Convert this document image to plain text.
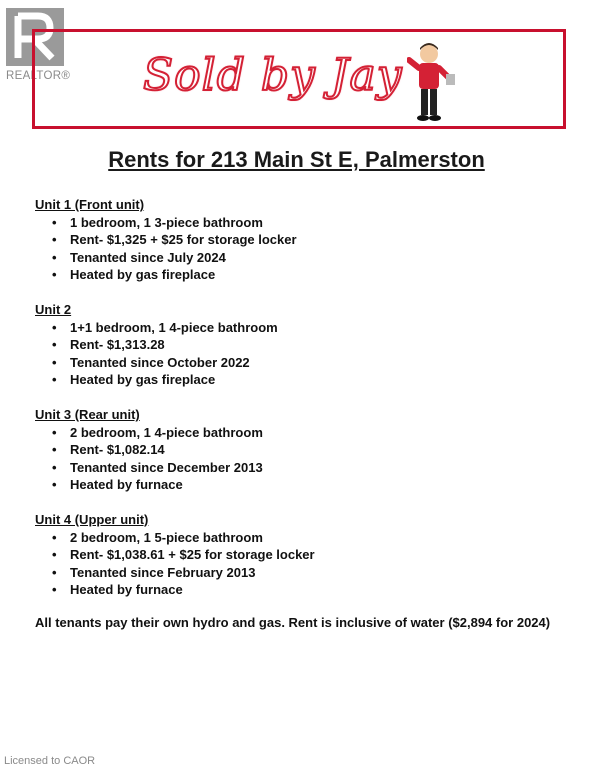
REALTOR® Sold by Jay
Rents for 213 Main St E, Palmerston
Unit 1 (Front unit)
• 1 bedroom, 1 3-piece bathroom
• Rent- $1,325 + $25 for storage locker
• Tenanted since July 2024
• Heated by gas fireplace
Unit 2
• 1+1 bedroom, 1 4-piece bathroom
• Rent- $1,313.28
• Tenanted since October 2022
• Heated by gas fireplace
Unit 3 (Rear unit)
• 2 bedroom, 1 4-piece bathroom
• Rent- $1,082.14
• Tenanted since December 2013
• Heated by furnace
Unit 4 (Upper unit)
• 2 bedroom, 1 5-piece bathroom
• Rent- $1,038.61 + $25 for storage locker
• Tenanted since February 2013
• Heated by furnace
All tenants pay their own hydro and gas. Rent is inclusive of water ($2,894 for 2024)
Licensed to CAOR
